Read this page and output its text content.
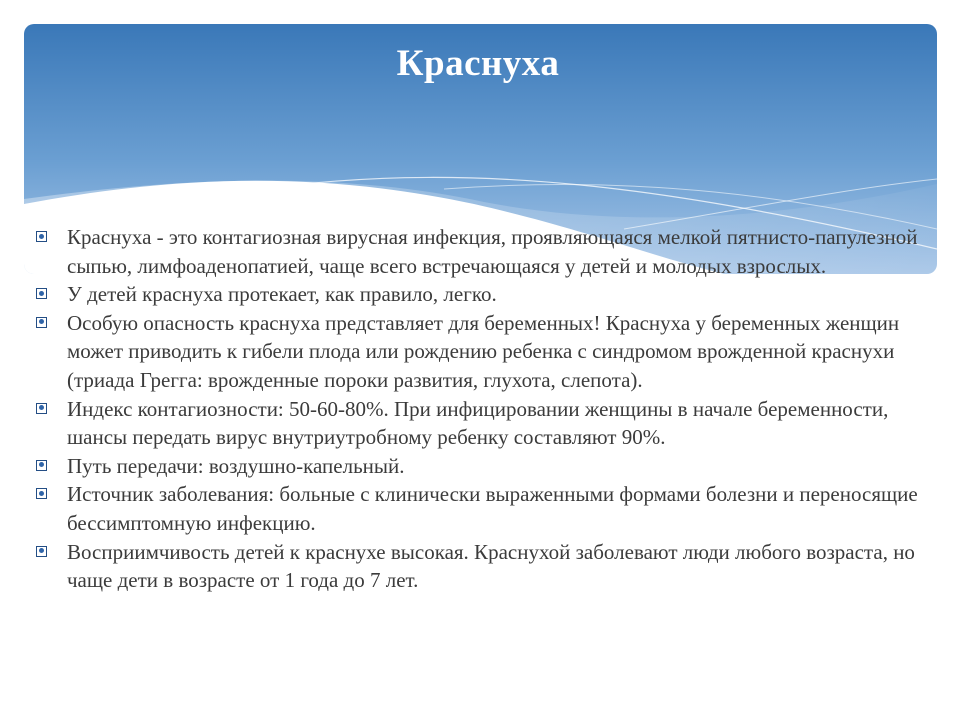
Краснуха
Краснуха - это контагиозная вирусная инфекция, проявляющаяся мелкой пятнисто-папулезной сыпью, лимфоаденопатией, чаще всего встречающаяся у детей и молодых взрослых.
У детей краснуха протекает, как правило, легко.
Особую опасность краснуха представляет для беременных! Краснуха у беременных женщин может приводить к гибели плода или рождению ребенка с синдромом врожденной краснухи (триада Грегга: врожденные пороки развития, глухота, слепота).
Индекс контагиозности: 50-60-80%. При инфицировании женщины в начале беременности, шансы передать вирус внутриутробному ребенку составляют 90%.
Путь передачи: воздушно-капельный.
Источник заболевания: больные с клинически выраженными формами болезни и переносящие бессимптомную инфекцию.
Восприимчивость детей к краснухе высокая. Краснухой заболевают люди любого возраста, но чаще дети в возрасте от 1 года до 7 лет.
